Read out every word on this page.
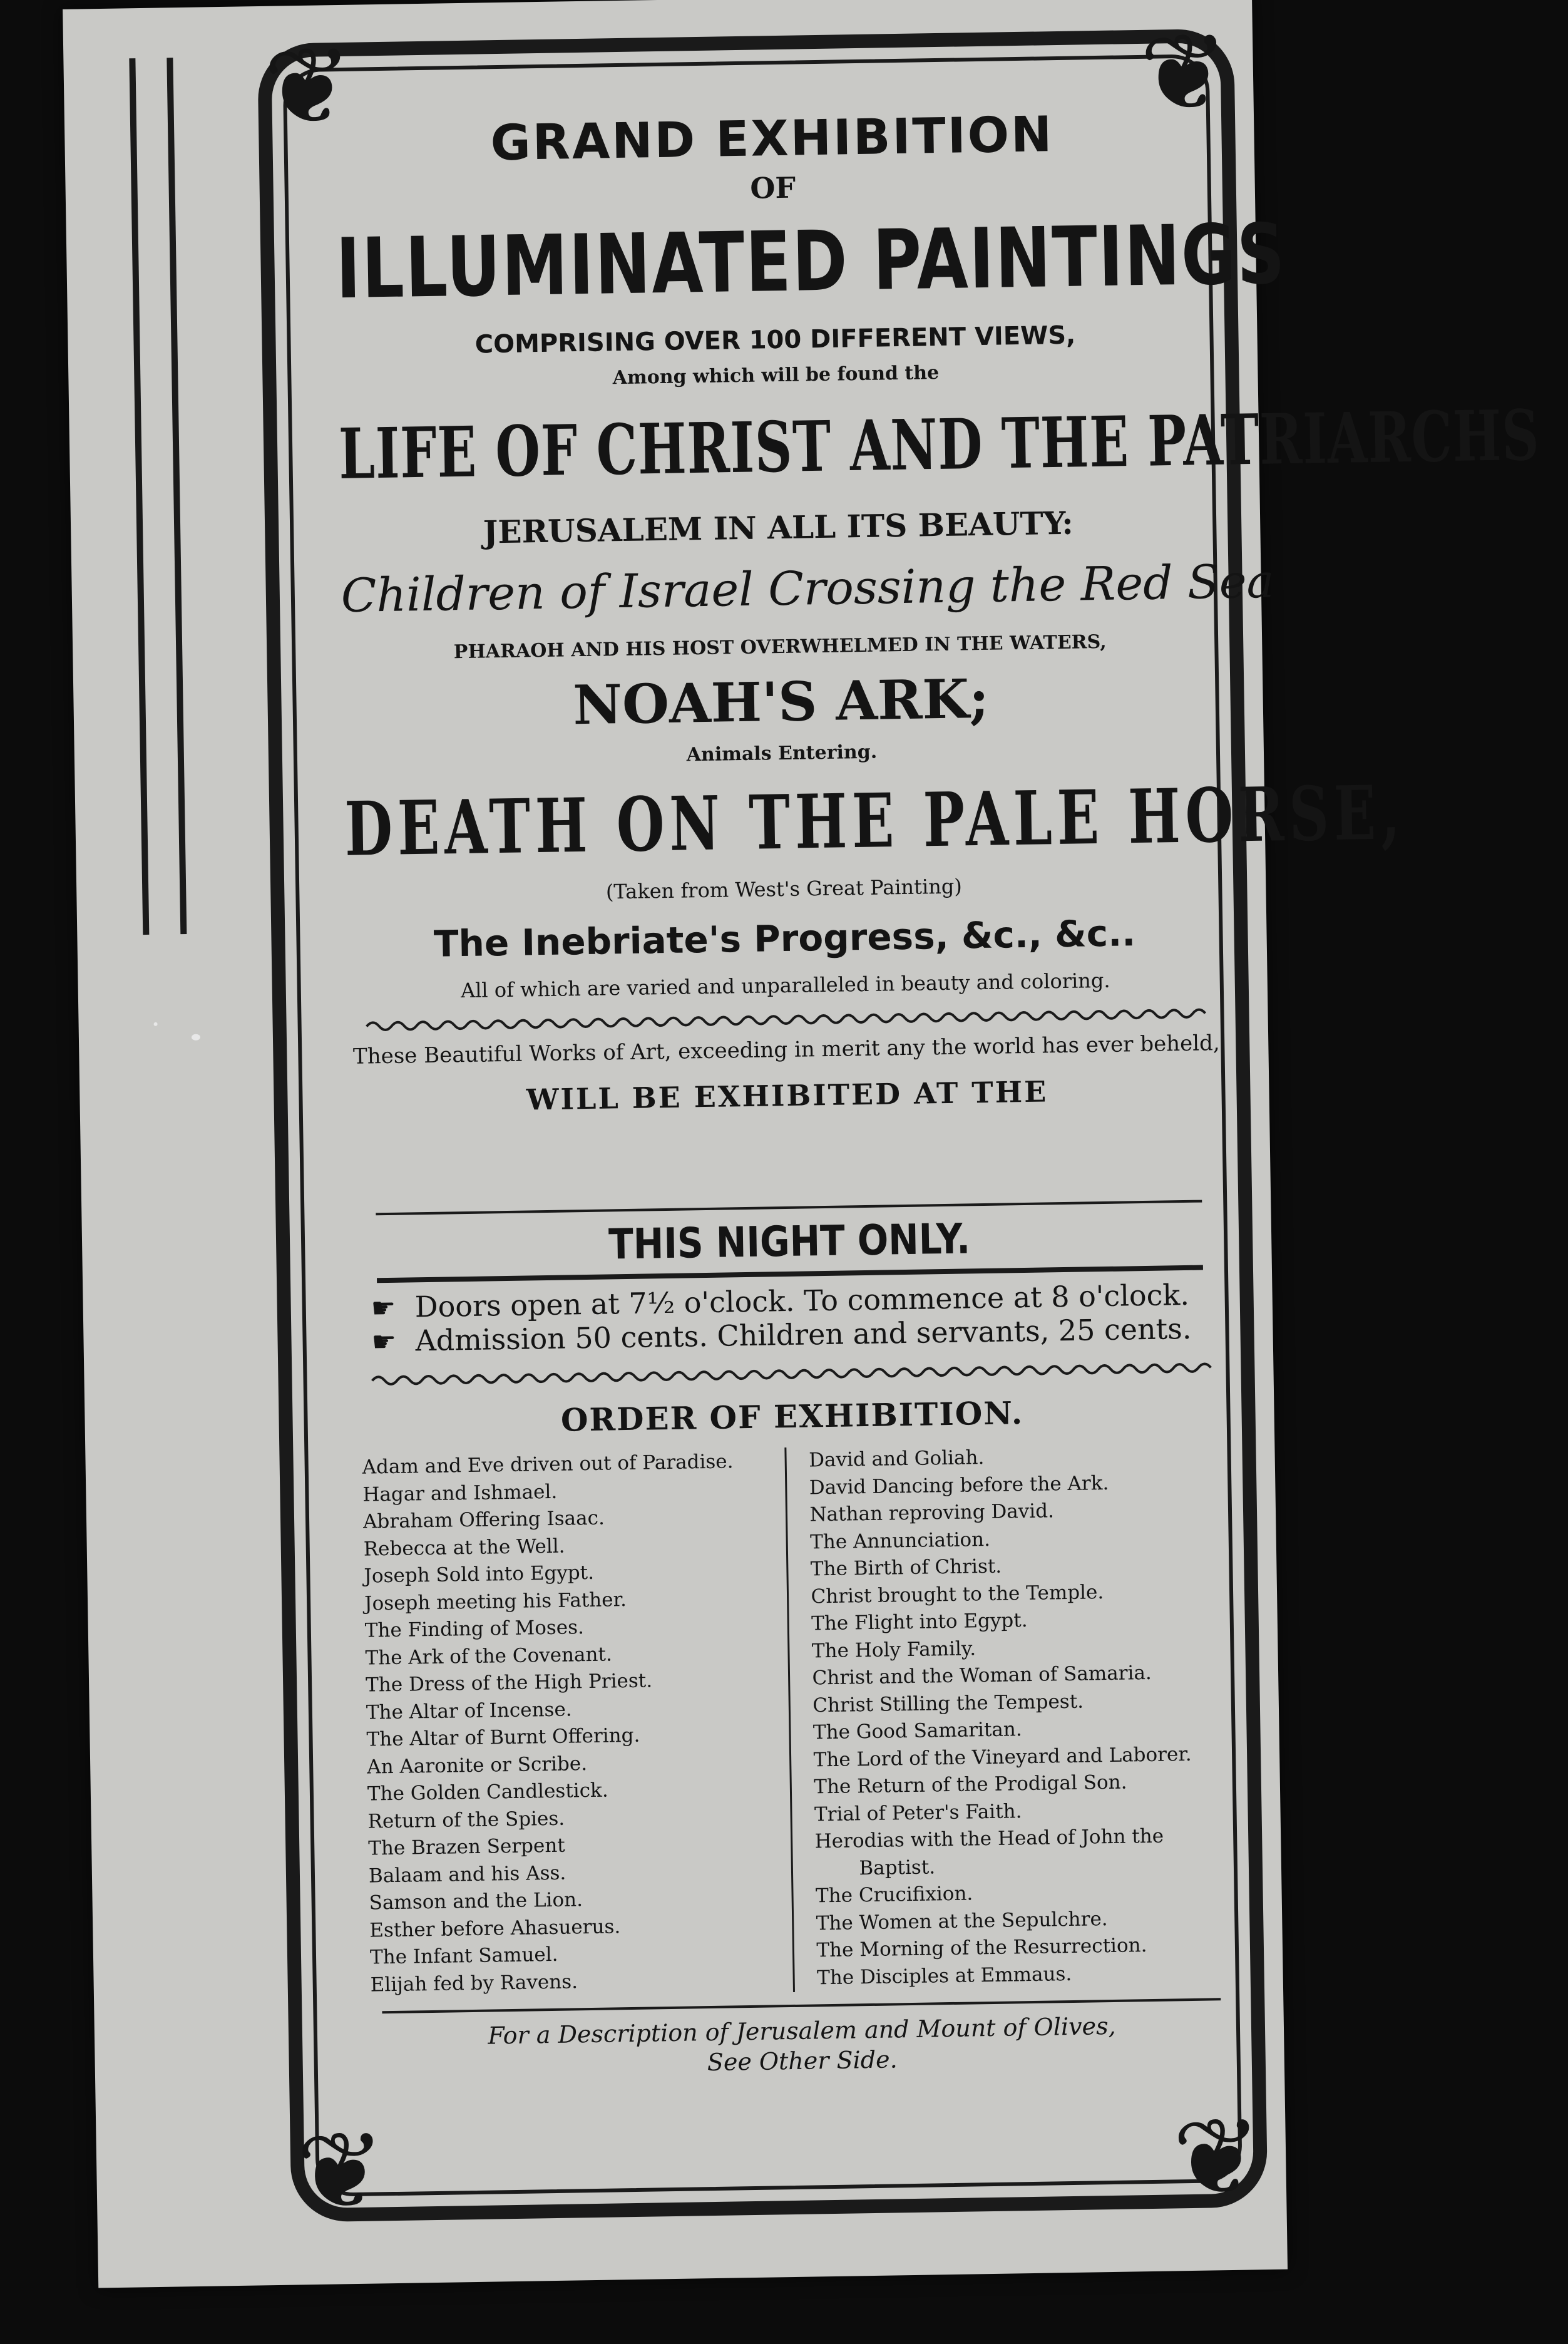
❦	❦
❦	❦
GRAND EXHIBITION
OF
ILLUMINATED PAINTINGS
COMPRISING OVER 100 DIFFERENT VIEWS,
Among which will be found the
LIFE OF CHRIST AND THE PATRIARCHS
JERUSALEM IN ALL ITS BEAUTY:
Children of Israel Crossing the Red Sea
PHARAOH AND HIS HOST OVERWHELMED IN THE WATERS,
NOAH'S ARK;
Animals Entering.
DEATH ON THE PALE HORSE,
(Taken from West's Great Painting)
The Inebriate's Progress, &c., &c..
All of which are varied and unparalleled in beauty and coloring.
These Beautiful Works of Art, exceeding in merit any the world has ever beheld,
WILL BE EXHIBITED AT THE
THIS NIGHT ONLY.
☛ Doors open at 7½ o'clock. To commence at 8 o'clock.
☛ Admission 50 cents. Children and servants, 25 cents.
ORDER OF EXHIBITION.
Adam and Eve driven out of Paradise.
Hagar and Ishmael.
Abraham Offering Isaac.
Rebecca at the Well.
Joseph Sold into Egypt.
Joseph meeting his Father.
The Finding of Moses.
The Ark of the Covenant.
The Dress of the High Priest.
The Altar of Incense.
The Altar of Burnt Offering.
An Aaronite or Scribe.
The Golden Candlestick.
Return of the Spies.
The Brazen Serpent
Balaam and his Ass.
Samson and the Lion.
Esther before Ahasuerus.
The Infant Samuel.
Elijah fed by Ravens.
David and Goliah.
David Dancing before the Ark.
Nathan reproving David.
The Annunciation.
The Birth of Christ.
Christ brought to the Temple.
The Flight into Egypt.
The Holy Family.
Christ and the Woman of Samaria.
Christ Stilling the Tempest.
The Good Samaritan.
The Lord of the Vineyard and Laborer.
The Return of the Prodigal Son.
Trial of Peter's Faith.
Herodias with the Head of John the
Baptist.
The Crucifixion.
The Women at the Sepulchre.
The Morning of the Resurrection.
The Disciples at Emmaus.
For a Description of Jerusalem and Mount of Olives,
See Other Side.
